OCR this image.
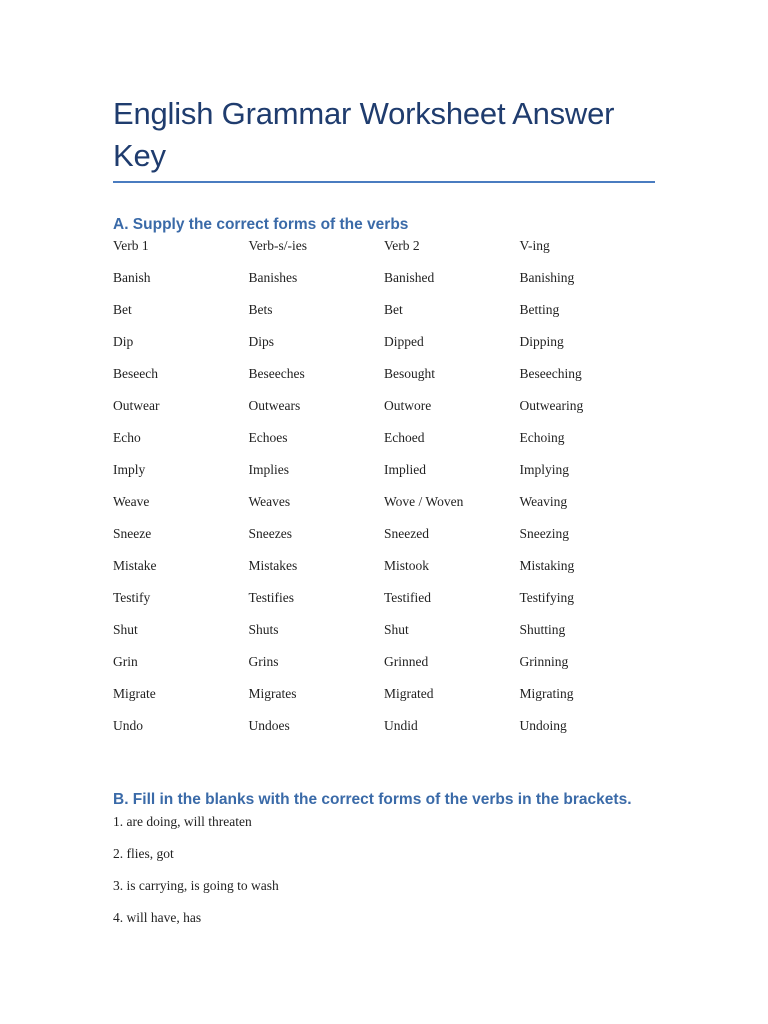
English Grammar Worksheet Answer Key
A. Supply the correct forms of the verbs
Verb 1	Verb-s/-ies	Verb 2	V-ing
Banish	Banishes	Banished	Banishing
Bet	Bets	Bet	Betting
Dip	Dips	Dipped	Dipping
Beseech	Beseeches	Besought	Beseeching
Outwear	Outwears	Outwore	Outwearing
Echo	Echoes	Echoed	Echoing
Imply	Implies	Implied	Implying
Weave	Weaves	Wove / Woven	Weaving
Sneeze	Sneezes	Sneezed	Sneezing
Mistake	Mistakes	Mistook	Mistaking
Testify	Testifies	Testified	Testifying
Shut	Shuts	Shut	Shutting
Grin	Grins	Grinned	Grinning
Migrate	Migrates	Migrated	Migrating
Undo	Undoes	Undid	Undoing
B. Fill in the blanks with the correct forms of the verbs in the brackets.
1. are doing, will threaten
2. flies, got
3. is carrying, is going to wash
4. will have, has
